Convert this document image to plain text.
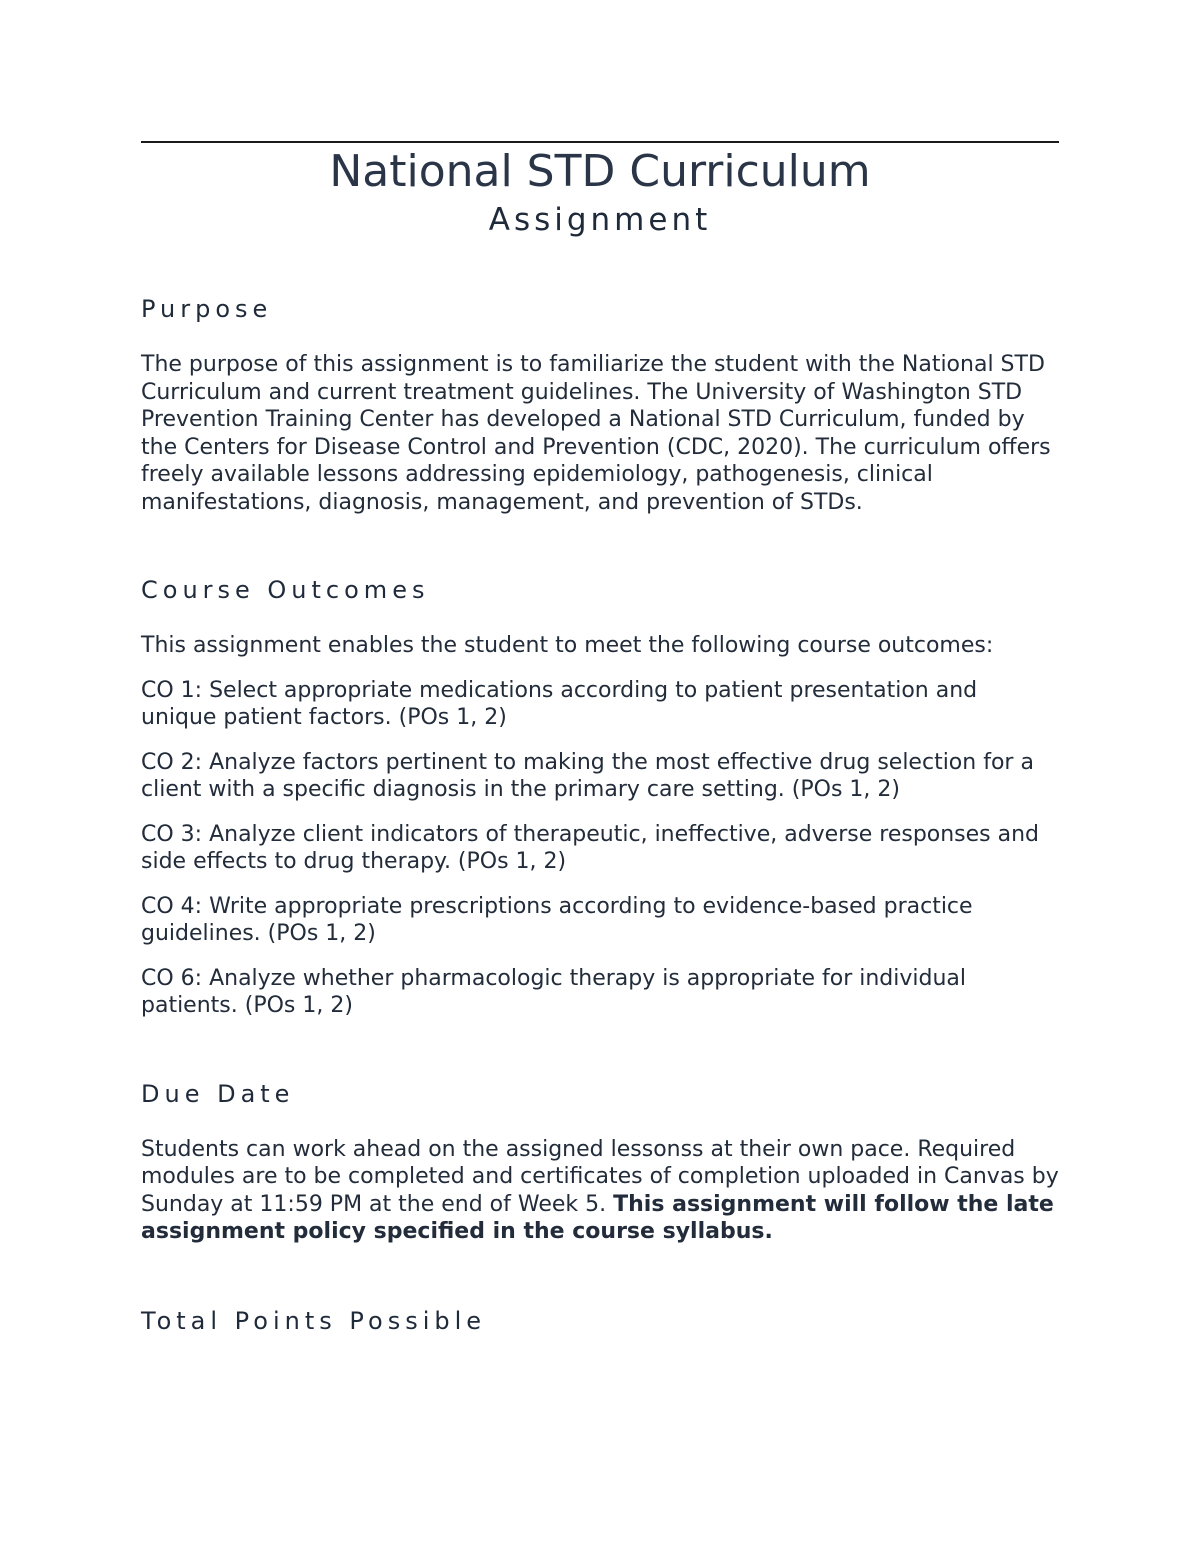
National STD Curriculum
Assignment
Purpose

The purpose of this assignment is to familiarize the student with the National STD Curriculum and current treatment guidelines. The University of Washington STD Prevention Training Center has developed a National STD Curriculum, funded by the Centers for Disease Control and Prevention (CDC, 2020). The curriculum offers freely available lessons addressing epidemiology, pathogenesis, clinical manifestations, diagnosis, management, and prevention of STDs.

Course Outcomes

This assignment enables the student to meet the following course outcomes:

CO 1: Select appropriate medications according to patient presentation and unique patient factors. (POs 1, 2)

CO 2: Analyze factors pertinent to making the most effective drug selection for a client with a specific diagnosis in the primary care setting. (POs 1, 2)

CO 3: Analyze client indicators of therapeutic, ineffective, adverse responses and side effects to drug therapy. (POs 1, 2)

CO 4: Write appropriate prescriptions according to evidence-based practice guidelines. (POs 1, 2)

CO 6: Analyze whether pharmacologic therapy is appropriate for individual patients. (POs 1, 2)

Due Date

Students can work ahead on the assigned lessonss at their own pace. Required modules are to be completed and certificates of completion uploaded in Canvas by Sunday at 11:59 PM at the end of Week 5. This assignment will follow the late assignment policy specified in the course syllabus.

Total Points Possible
